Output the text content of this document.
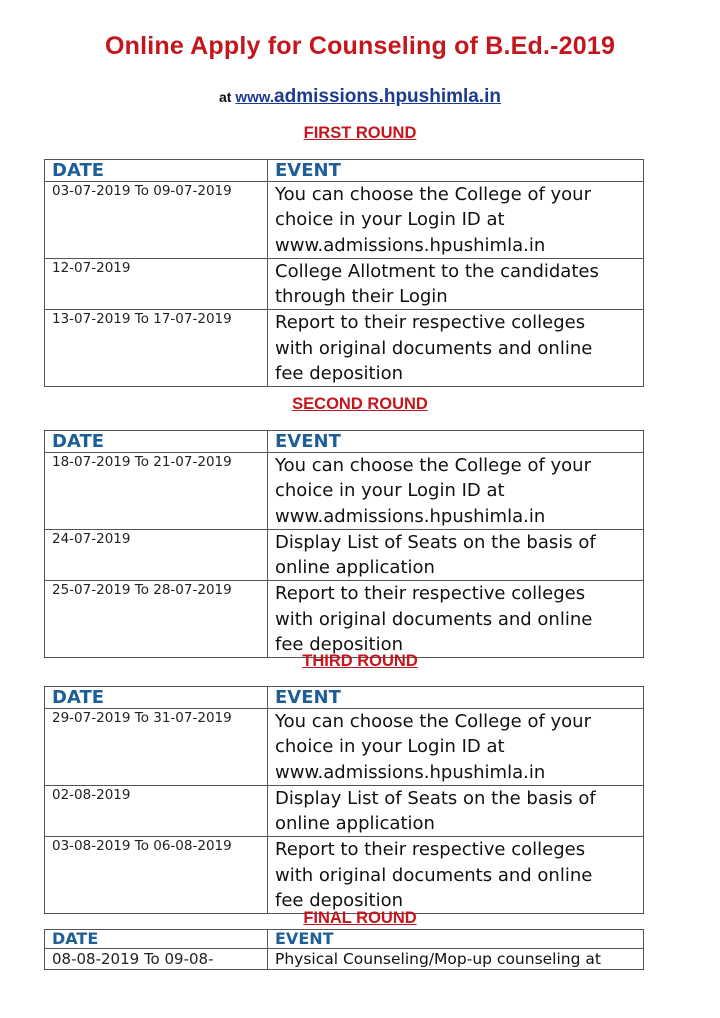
Online Apply for Counseling of B.Ed.-2019
at www.admissions.hpushimla.in
FIRST ROUND
DATE	EVENT

03-07-2019 To 09-07-2019	You can choose the College of your
choice in your Login ID at
www.admissions.hpushimla.in

12-07-2019	College Allotment to the candidates
through their Login

13-07-2019 To 17-07-2019	Report to their respective colleges
with original documents and online
fee deposition
SECOND ROUND
DATE	EVENT

18-07-2019 To 21-07-2019	You can choose the College of your
choice in your Login ID at
www.admissions.hpushimla.in

24-07-2019	Display List of Seats on the basis of
online application

25-07-2019 To 28-07-2019	Report to their respective colleges
with original documents and online
fee deposition
THIRD ROUND
DATE	EVENT

29-07-2019 To 31-07-2019	You can choose the College of your
choice in your Login ID at
www.admissions.hpushimla.in

02-08-2019	Display List of Seats on the basis of
online application

03-08-2019 To 06-08-2019	Report to their respective colleges
with original documents and online
fee deposition
FINAL ROUND
DATE	EVENT

08-08-2019 To 09-08-	Physical Counseling/Mop-up counseling at
